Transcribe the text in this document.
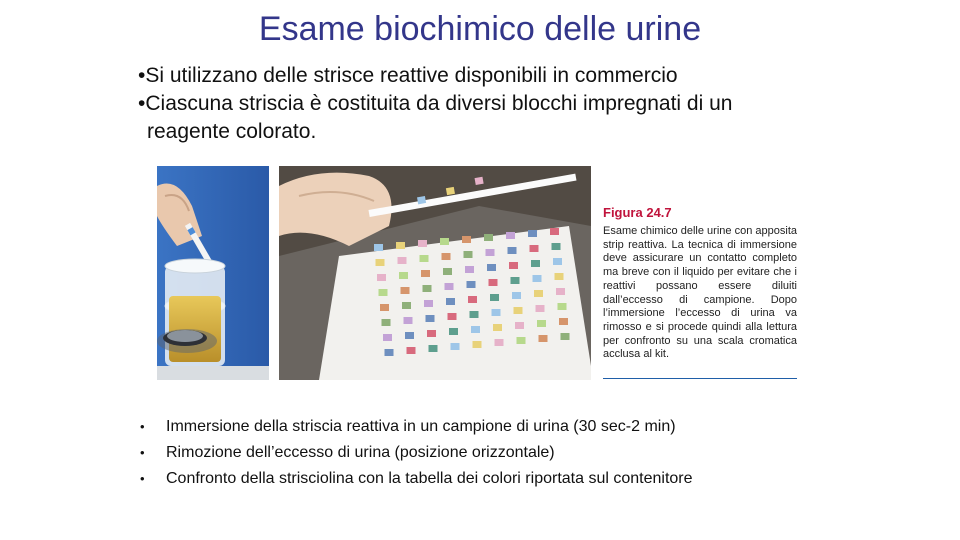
Esame biochimico delle urine
•Si utilizzano delle strisce reattive disponibili in commercio
•Ciascuna striscia è costituita da diversi blocchi impregnati di un
reagente colorato.
Figura 24.7
Esame chimico delle urine con apposita strip reattiva. La tecnica di immersione deve assicurare un contatto completo ma breve con il liquido per evitare che i reattivi possano essere diluiti dall’eccesso di campione. Dopo l’immersione l’eccesso di urina va rimosso e si procede quindi alla lettura per confronto su una scala cromatica acclusa al kit.
• Immersione della striscia reattiva in un campione di urina (30 sec-2 min)
• Rimozione dell’eccesso di urina (posizione orizzontale)
• Confronto della strisciolina con la tabella dei colori riportata sul contenitore
